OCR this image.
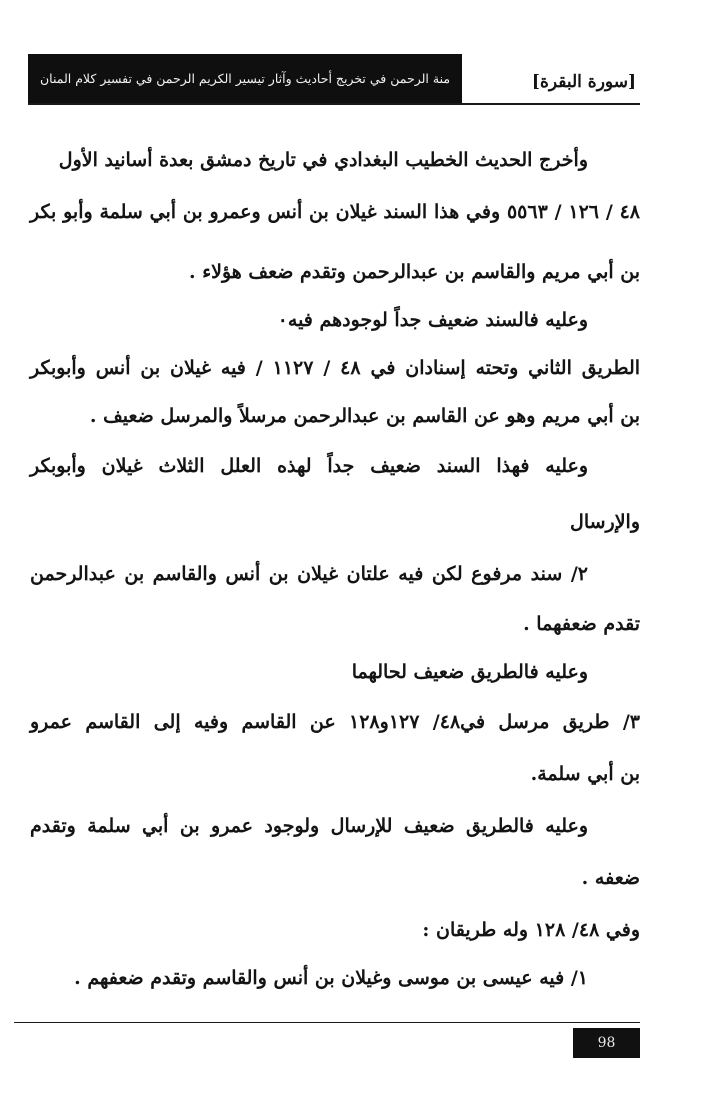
منة الرحمن في تخريج أحاديث وآثار تيسير الكريم الرحمن في تفسير كلام المنان	[سورة البقرة]
وأخرج الحديث الخطيب البغدادي في تاريخ دمشق بعدة أسانيد الأول
٤٨ / ١٢٦ / ٥٥٦٣ وفي هذا السند غيلان بن أنس وعمرو بن أبي سلمة وأبو بكر
بن أبي مريم والقاسم بن عبدالرحمن وتقدم ضعف هؤلاء .
وعليه فالسند ضعيف جداً لوجودهم فيه٠
الطريق الثاني وتحته إسنادان في ٤٨ / ١١٢٧ / فيه غيلان بن أنس وأبوبكر
بن أبي مريم وهو عن القاسم بن عبدالرحمن مرسلاً والمرسل ضعيف .
وعليه فهذا السند ضعيف جداً لهذه العلل الثلاث غيلان وأبوبكر
والإرسال
٢/ سند مرفوع لكن فيه علتان غيلان بن أنس والقاسم بن عبدالرحمن
تقدم ضعفهما .
وعليه فالطريق ضعيف لحالهما
٣/ طريق مرسل في٤٨/ ١٢٧و١٢٨ عن القاسم وفيه إلى القاسم عمرو
بن أبي سلمة.
وعليه فالطريق ضعيف للإرسال ولوجود عمرو بن أبي سلمة وتقدم
ضعفه .
وفي ٤٨/ ١٢٨ وله طريقان :
١/ فيه عيسى بن موسى وغيلان بن أنس والقاسم وتقدم ضعفهم .
98
